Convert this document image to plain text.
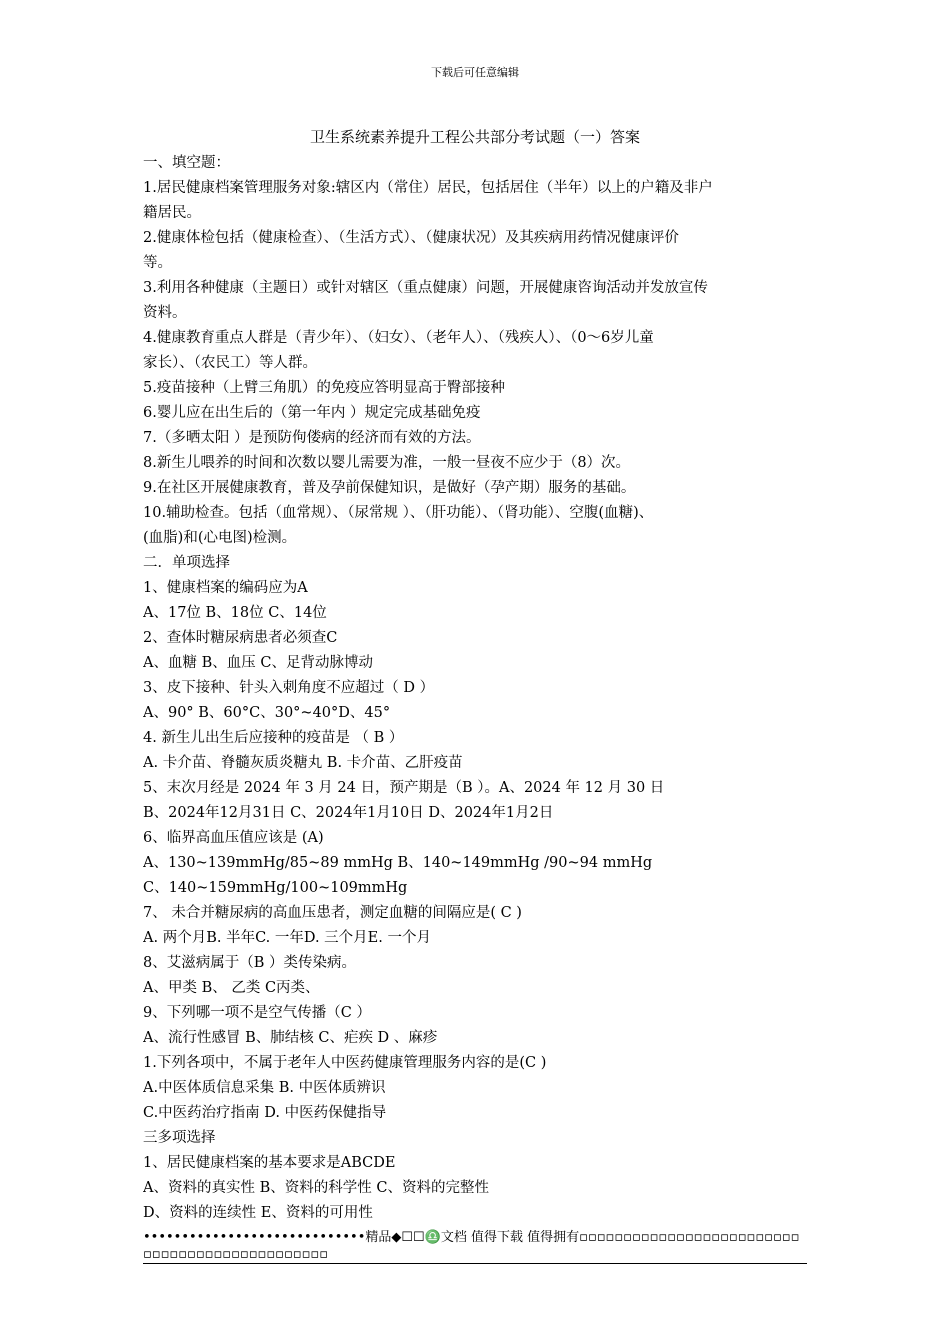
下载后可任意编辑
卫生系统素养提升工程公共部分考试题（一）答案
一、填空题：
1.居民健康档案管理服务对象:辖区内（常住）居民，包括居住（半年）以上的户籍及非户
籍居民。
2.健康体检包括（健康检查）、（生活方式）、（健康状况）及其疾病用药情况健康评价
等。
3.利用各种健康（主题日）或针对辖区（重点健康）问题，开展健康咨询活动并发放宣传
资料。
4.健康教育重点人群是（青少年）、（妇女）、（老年人）、（残疾人）、（0～6岁儿童
家长）、（农民工）等人群。
5.疫苗接种（上臂三角肌）的免疫应答明显高于臀部接种
6.婴儿应在出生后的（第一年内 ）规定完成基础免疫
7.（多晒太阳 ）是预防佝偻病的经济而有效的方法。
8.新生儿喂养的时间和次数以婴儿需要为准，一般一昼夜不应少于（8）次。
9.在社区开展健康教育，普及孕前保健知识，是做好（孕产期）服务的基础。
10.辅助检查。包括（血常规）、（尿常规 ）、（肝功能）、（肾功能）、空腹(血糖)、
(血脂)和(心电图)检测。
二．单项选择
1、健康档案的编码应为A
A、17位 B、18位 C、14位
2、查体时糖尿病患者必须查C
A、血糖 B、血压 C、足背动脉博动
3、皮下接种、针头入刺角度不应超过（ D ）
A、90° B、60°C、30°~40°D、45°
4. 新生儿出生后应接种的疫苗是 （ B ）
A. 卡介苗、脊髓灰质炎糖丸 B. 卡介苗、乙肝疫苗
5、末次月经是 2024 年 3 月 24 日，预产期是（B ）。A、2024 年 12 月 30 日
B、2024年12月31日 C、2024年1月10日 D、2024年1月2日
6、临界高血压值应该是 (A)
A、130~139mmHg/85~89 mmHg B、140~149mmHg /90~94 mmHg
C、140~159mmHg/100~109mmHg
7、 未合并糖尿病的高血压患者，测定血糖的间隔应是( C )
A. 两个月B. 半年C. 一年D. 三个月E. 一个月
8、艾滋病属于（B ）类传染病。
A、甲类 B、 乙类 C丙类、
9、下列哪一项不是空气传播（C ）
A、流行性感冒 B、肺结核 C、疟疾 D 、麻疹
1.下列各项中，不属于老年人中医药健康管理服务内容的是(C )
A.中医体质信息采集 B. 中医体质辨识
C.中医药治疗指南 D. 中医药保健指导
三多项选择
1、居民健康档案的基本要求是ABCDE
A、资料的真实性 B、资料的科学性 C、资料的完整性
D、资料的连续性 E、资料的可用性
•••••••••••••••••••••••••••••精品◆☐☐♎文档 值得下载 值得拥有▫▫▫▫▫▫▫▫▫▫▫▫▫▫▫▫▫▫▫▫▫▫▫▫▫▫▫▫▫▫▫▫▫▫▫▫▫▫▫▫▫▫▫▫▫▫
